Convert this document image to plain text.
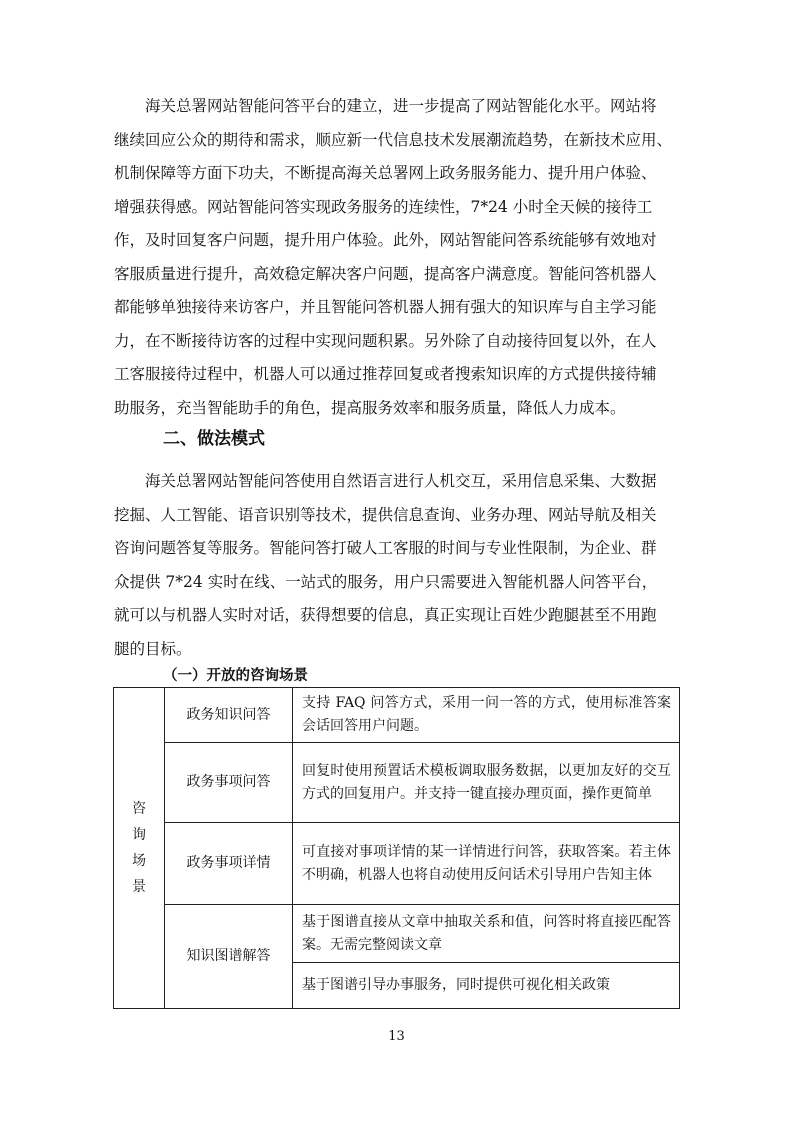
　　海关总署网站智能问答平台的建立，进一步提高了网站智能化水平。网站将
继续回应公众的期待和需求，顺应新一代信息技术发展潮流趋势，在新技术应用、
机制保障等方面下功夫，不断提高海关总署网上政务服务能力、提升用户体验、
增强获得感。网站智能问答实现政务服务的连续性，7*24 小时全天候的接待工
作，及时回复客户问题，提升用户体验。此外，网站智能问答系统能够有效地对
客服质量进行提升，高效稳定解决客户问题，提高客户满意度。智能问答机器人
都能够单独接待来访客户，并且智能问答机器人拥有强大的知识库与自主学习能
力，在不断接待访客的过程中实现问题积累。另外除了自动接待回复以外，在人
工客服接待过程中，机器人可以通过推荐回复或者搜索知识库的方式提供接待辅
助服务，充当智能助手的角色，提高服务效率和服务质量，降低人力成本。

二、做法模式

　　海关总署网站智能问答使用自然语言进行人机交互，采用信息采集、大数据
挖掘、人工智能、语音识别等技术，提供信息查询、业务办理、网站导航及相关
咨询问题答复等服务。智能问答打破人工客服的时间与专业性限制，为企业、群
众提供 7*24 实时在线、一站式的服务，用户只需要进入智能机器人问答平台，
就可以与机器人实时对话，获得想要的信息，真正实现让百姓少跑腿甚至不用跑
腿的目标。

（一）开放的咨询场景
咨询场景	政务知识问答	支持 FAQ 问答方式，采用一问一答的方式，使用标准答案会话回答用户问题。
	政务事项问答	回复时使用预置话术模板调取服务数据，以更加友好的交互方式的回复用户。并支持一键直接办理页面，操作更简单
	政务事项详情	可直接对事项详情的某一详情进行问答，获取答案。若主体不明确，机器人也将自动使用反问话术引导用户告知主体
	知识图谱解答	基于图谱直接从文章中抽取关系和值，问答时将直接匹配答案。无需完整阅读文章
		基于图谱引导办事服务，同时提供可视化相关政策
13
